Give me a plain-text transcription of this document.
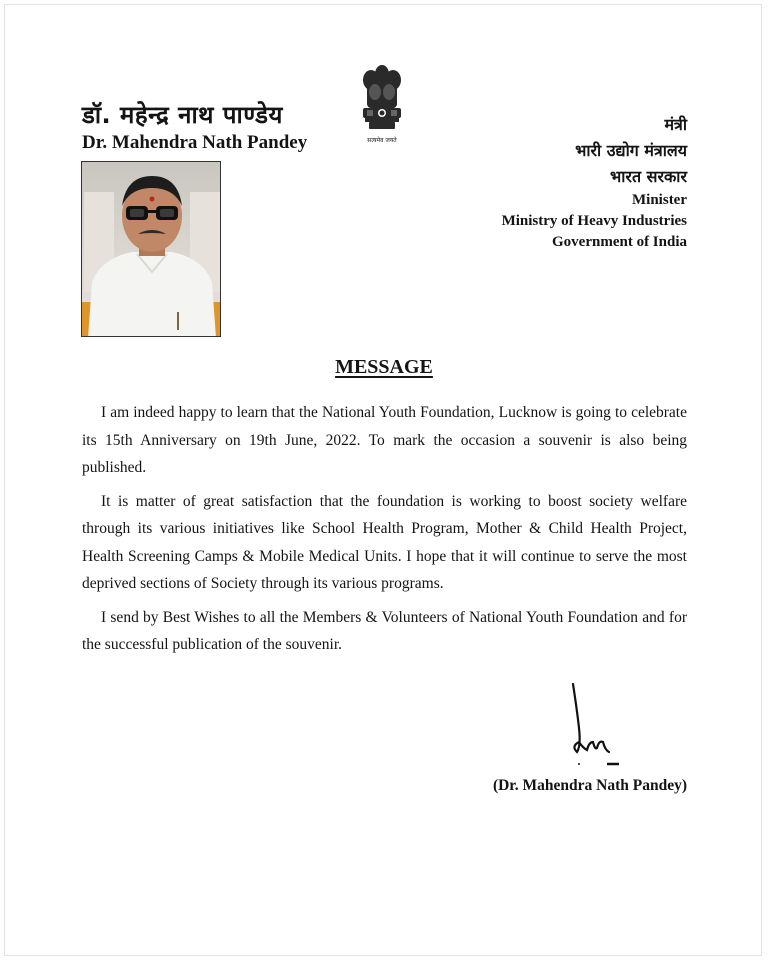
डॉ. महेन्द्र नाथ पाण्डेय
Dr. Mahendra Nath Pandey	सत्यमेव जयते
मंत्री
भारी उद्योग मंत्रालय
भारत सरकार
Minister
Ministry of Heavy Industries
Government of India
MESSAGE

I am indeed happy to learn that the National Youth Foundation, Lucknow is going to celebrate its 15th Anniversary on 19th June, 2022. To mark the occasion a souvenir is also being published.

It is matter of great satisfaction that the foundation is working to boost society welfare through its various initiatives like School Health Program, Mother & Child Health Project, Health Screening Camps & Mobile Medical Units. I hope that it will continue to serve the most deprived sections of Society through its various programs.

I send by Best Wishes to all the Members & Volunteers of National Youth Foundation and for the successful publication of the souvenir.

(Dr. Mahendra Nath Pandey)
